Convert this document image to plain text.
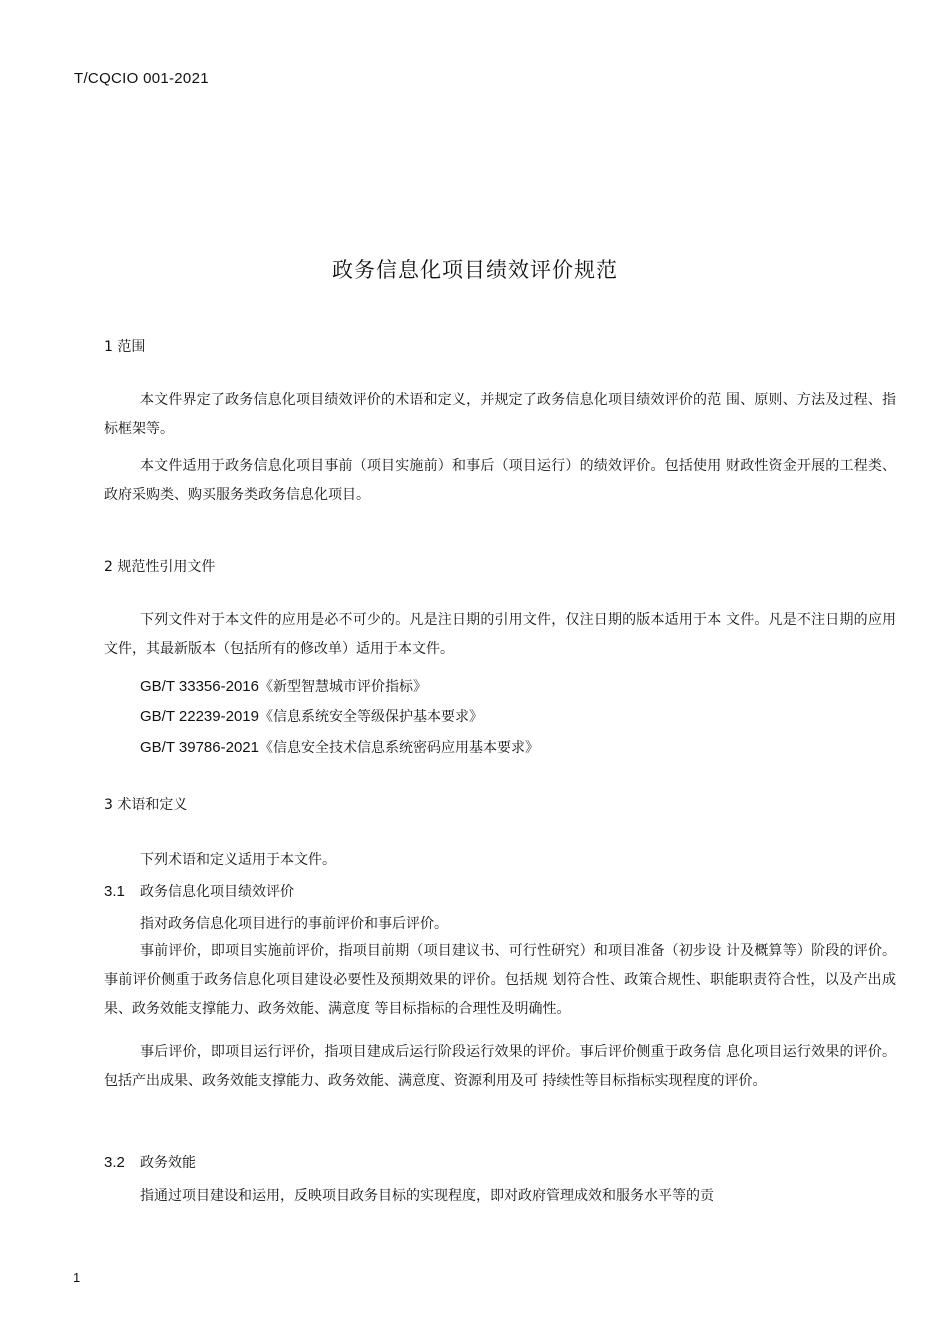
T/CQCIO 001-2021
政务信息化项目绩效评价规范
1 范围
本文件界定了政务信息化项目绩效评价的术语和定义，并规定了政务信息化项目绩效评价的范 围、原则、方法及过程、指标框架等。
本文件适用于政务信息化项目事前（项目实施前）和事后（项目运行）的绩效评价。包括使用 财政性资金开展的工程类、政府采购类、购买服务类政务信息化项目。
2 规范性引用文件
下列文件对于本文件的应用是必不可少的。凡是注日期的引用文件，仅注日期的版本适用于本 文件。凡是不注日期的应用文件，其最新版本（包括所有的修改单）适用于本文件。
GB/T 33356-2016《新型智慧城市评价指标》
GB/T 22239-2019《信息系统安全等级保护基本要求》
GB/T 39786-2021《信息安全技术信息系统密码应用基本要求》
3 术语和定义
下列术语和定义适用于本文件。
3.1 政务信息化项目绩效评价
指对政务信息化项目进行的事前评价和事后评价。
事前评价，即项目实施前评价，指项目前期（项目建议书、可行性研究）和项目准备（初步设 计及概算等）阶段的评价。事前评价侧重于政务信息化项目建设必要性及预期效果的评价。包括规 划符合性、政策合规性、职能职责符合性，以及产出成果、政务效能支撑能力、政务效能、满意度 等目标指标的合理性及明确性。
事后评价，即项目运行评价，指项目建成后运行阶段运行效果的评价。事后评价侧重于政务信 息化项目运行效果的评价。包括产出成果、政务效能支撑能力、政务效能、满意度、资源利用及可 持续性等目标指标实现程度的评价。
3.2 政务效能
指通过项目建设和运用，反映项目政务目标的实现程度，即对政府管理成效和服务水平等的贡
1
